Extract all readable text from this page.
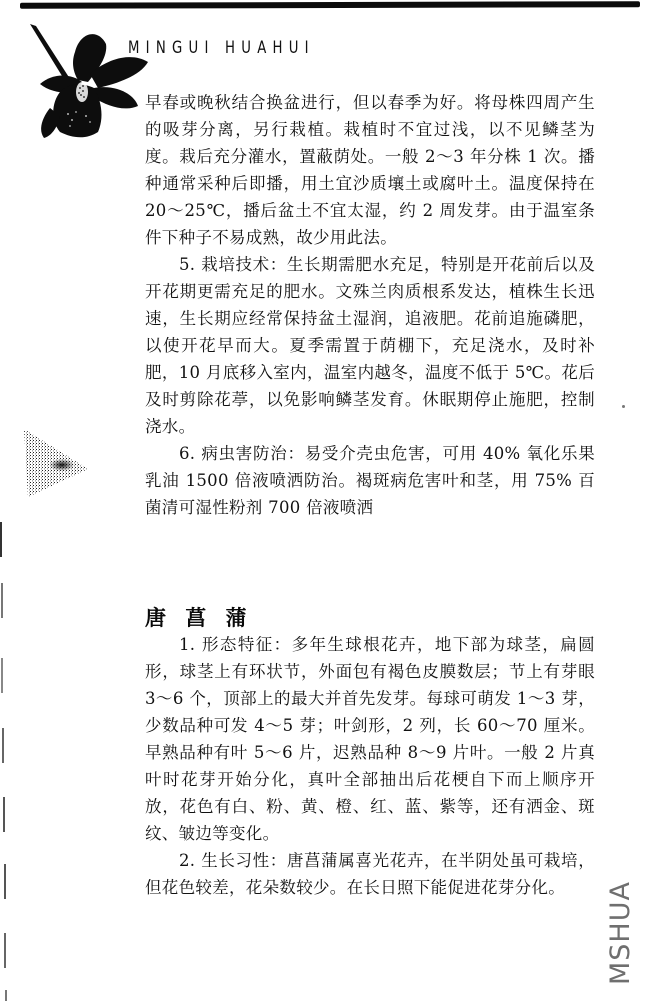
MINGUI HUAHUI

早春或晚秋结合换盆进行，但以春季为好。将母株四周产生的吸芽分离，另行栽植。栽植时不宜过浅，以不见鳞茎为度。栽后充分灌水，置蔽荫处。一般 2～3 年分株 1 次。播种通常采种后即播，用土宜沙质壤土或腐叶土。温度保持在 20～25℃，播后盆土不宜太湿，约 2 周发芽。由于温室条件下种子不易成熟，故少用此法。

5. 栽培技术：生长期需肥水充足，特别是开花前后以及开花期更需充足的肥水。文殊兰肉质根系发达，植株生长迅速，生长期应经常保持盆土湿润，追液肥。花前追施磷肥，以使开花早而大。夏季需置于荫棚下，充足浇水，及时补肥，10 月底移入室内，温室内越冬，温度不低于 5℃。花后及时剪除花葶，以免影响鳞茎发育。休眠期停止施肥，控制浇水。

6. 病虫害防治：易受介壳虫危害，可用 40% 氧化乐果乳油 1500 倍液喷洒防治。褐斑病危害叶和茎，用 75% 百菌清可湿性粉剂 700 倍液喷洒

唐 菖 蒲

1. 形态特征：多年生球根花卉，地下部为球茎，扁圆形，球茎上有环状节，外面包有褐色皮膜数层；节上有芽眼 3～6 个，顶部上的最大并首先发芽。每球可萌发 1～3 芽，少数品种可发 4～5 芽；叶剑形，2 列，长 60～70 厘米。早熟品种有叶 5～6 片，迟熟品种 8～9 片叶。一般 2 片真叶时花芽开始分化，真叶全部抽出后花梗自下而上顺序开放，花色有白、粉、黄、橙、红、蓝、紫等，还有洒金、斑纹、皱边等变化。

2. 生长习性：唐菖蒲属喜光花卉，在半阴处虽可栽培，但花色较差，花朵数较少。在长日照下能促进花芽分化。	MSHUA
